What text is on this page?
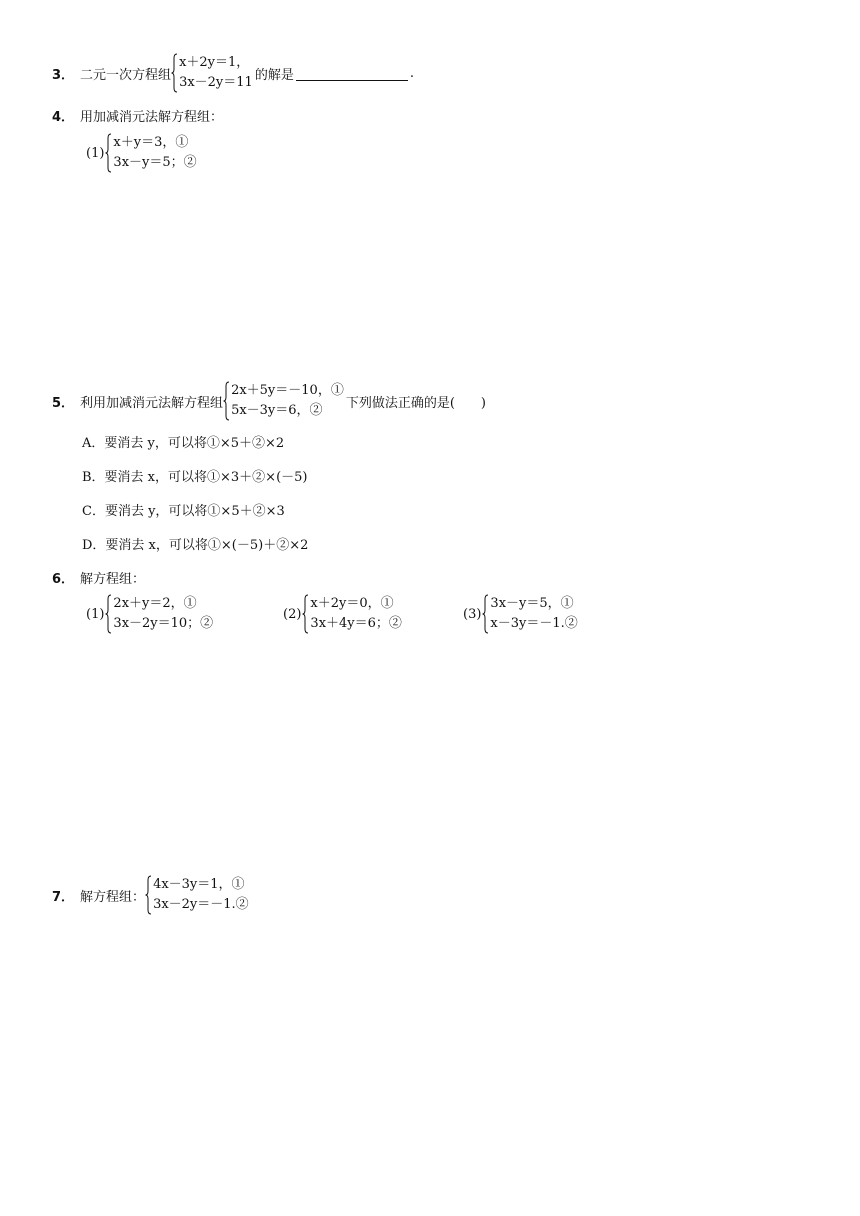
3． 二元一次方程组
x＋2y＝1，
3x－2y＝11 的解是	.
4． 用加减消元法解方程组：
(1)
x＋y＝3，①
3x－y＝5；②
5． 利用加减消元法解方程组
2x＋5y＝－10，①
5x－3y＝6，②	下列做法正确的是(　　)
A．要消去 y，可以将①×5＋②×2
B．要消去 x，可以将①×3＋②×(－5)
C．要消去 y，可以将①×5＋②×3
D．要消去 x，可以将①×(－5)＋②×2
6． 解方程组：
(1)
2x＋y＝2，①
3x－2y＝10；②
(2)
x＋2y＝0，①
3x＋4y＝6；②
(3)
3x－y＝5，①
x－3y＝－1.②
7． 解方程组：
4x－3y＝1，①
3x－2y＝－1.②
